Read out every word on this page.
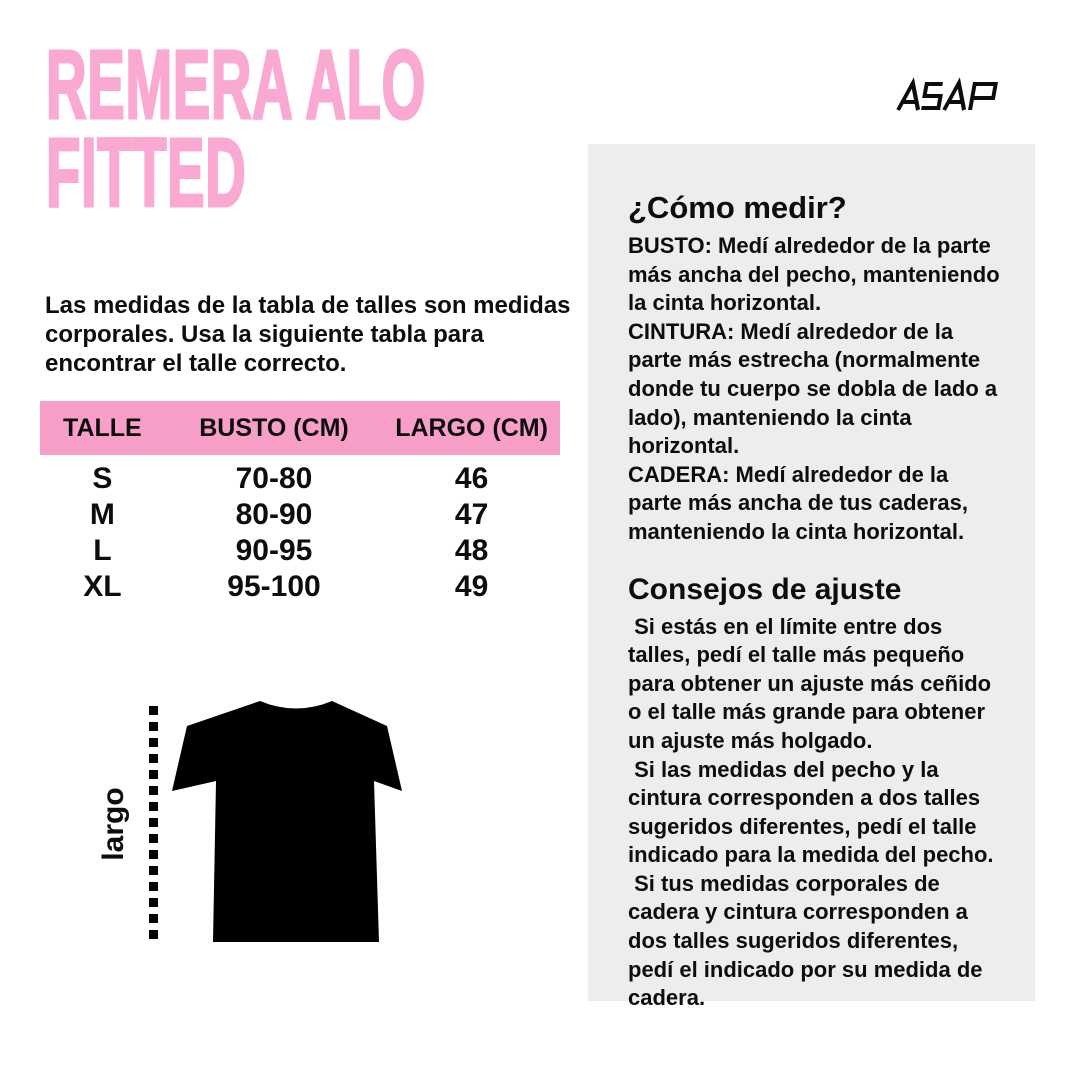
REMERA ALO
FITTED
Las medidas de la tabla de talles son medidas corporales. Usa la siguiente tabla para encontrar el talle correcto.
TALLE	BUSTO (CM)	LARGO (CM)
S	70-80	46
M	80-90	47
L	90-95	48
XL	95-100	49
largo
¿Cómo medir?

BUSTO: Medí alrededor de la parte más ancha del pecho, manteniendo la cinta horizontal.

CINTURA: Medí alrededor de la parte más estrecha (normalmente donde tu cuerpo se dobla de lado a lado), manteniendo la cinta horizontal.

CADERA: Medí alrededor de la parte más ancha de tus caderas, manteniendo la cinta horizontal.

Consejos de ajuste

Si estás en el límite entre dos talles, pedí el talle más pequeño para obtener un ajuste más ceñido o el talle más grande para obtener un ajuste más holgado.

Si las medidas del pecho y la cintura corresponden a dos talles sugeridos diferentes, pedí el talle indicado para la medida del pecho.

Si tus medidas corporales de cadera y cintura corresponden a dos talles sugeridos diferentes, pedí el indicado por su medida de cadera.
